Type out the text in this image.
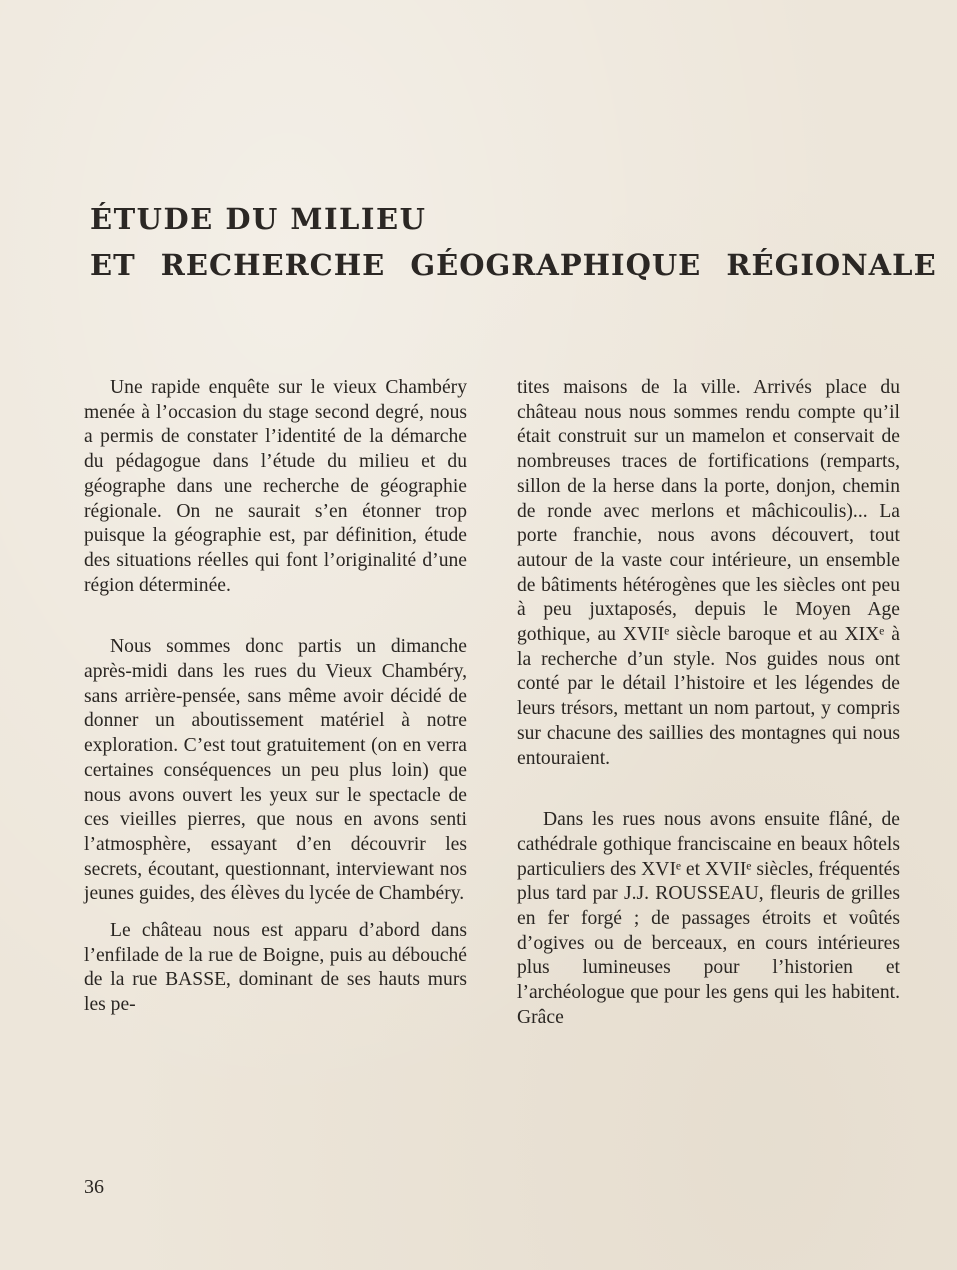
ÉTUDE DU MILIEU
ET RECHERCHE GÉOGRAPHIQUE RÉGIONALE

Une rapide enquête sur le vieux Chambéry menée à l’occasion du stage second degré, nous a permis de constater l’identité de la démarche du pédagogue dans l’étude du milieu et du géographe dans une recherche de géographie régionale. On ne saurait s’en étonner trop puisque la géographie est, par définition, étude des situations réelles qui font l’originalité d’une région déterminée.

Nous sommes donc partis un dimanche après-midi dans les rues du Vieux Chambéry, sans arrière-pensée, sans même avoir décidé de donner un aboutissement matériel à notre exploration. C’est tout gratuitement (on en verra certaines conséquences un peu plus loin) que nous avons ouvert les yeux sur le spectacle de ces vieilles pierres, que nous en avons senti l’atmosphère, essayant d’en découvrir les secrets, écoutant, questionnant, interviewant nos jeunes guides, des élèves du lycée de Chambéry.

Le château nous est apparu d’abord dans l’enfilade de la rue de Boigne, puis au débouché de la rue BASSE, dominant de ses hauts murs les pe-

tites maisons de la ville. Arrivés place du château nous nous sommes rendu compte qu’il était construit sur un mamelon et conservait de nombreuses traces de fortifications (remparts, sillon de la herse dans la porte, donjon, chemin de ronde avec merlons et mâchicoulis)... La porte franchie, nous avons découvert, tout autour de la vaste cour intérieure, un ensemble de bâtiments hétérogènes que les siècles ont peu à peu juxtaposés, depuis le Moyen Age gothique, au XVIIᵉ siècle baroque et au XIXᵉ à la recherche d’un style. Nos guides nous ont conté par le détail l’histoire et les légendes de leurs trésors, mettant un nom partout, y compris sur chacune des saillies des montagnes qui nous entouraient.

Dans les rues nous avons ensuite flâné, de cathédrale gothique franciscaine en beaux hôtels particuliers des XVIᵉ et XVIIᵉ siècles, fréquentés plus tard par J.J. ROUSSEAU, fleuris de grilles en fer forgé ; de passages étroits et voûtés d’ogives ou de berceaux, en cours intérieures plus lumineuses pour l’historien et l’archéologue que pour les gens qui les habitent. Grâce

36
